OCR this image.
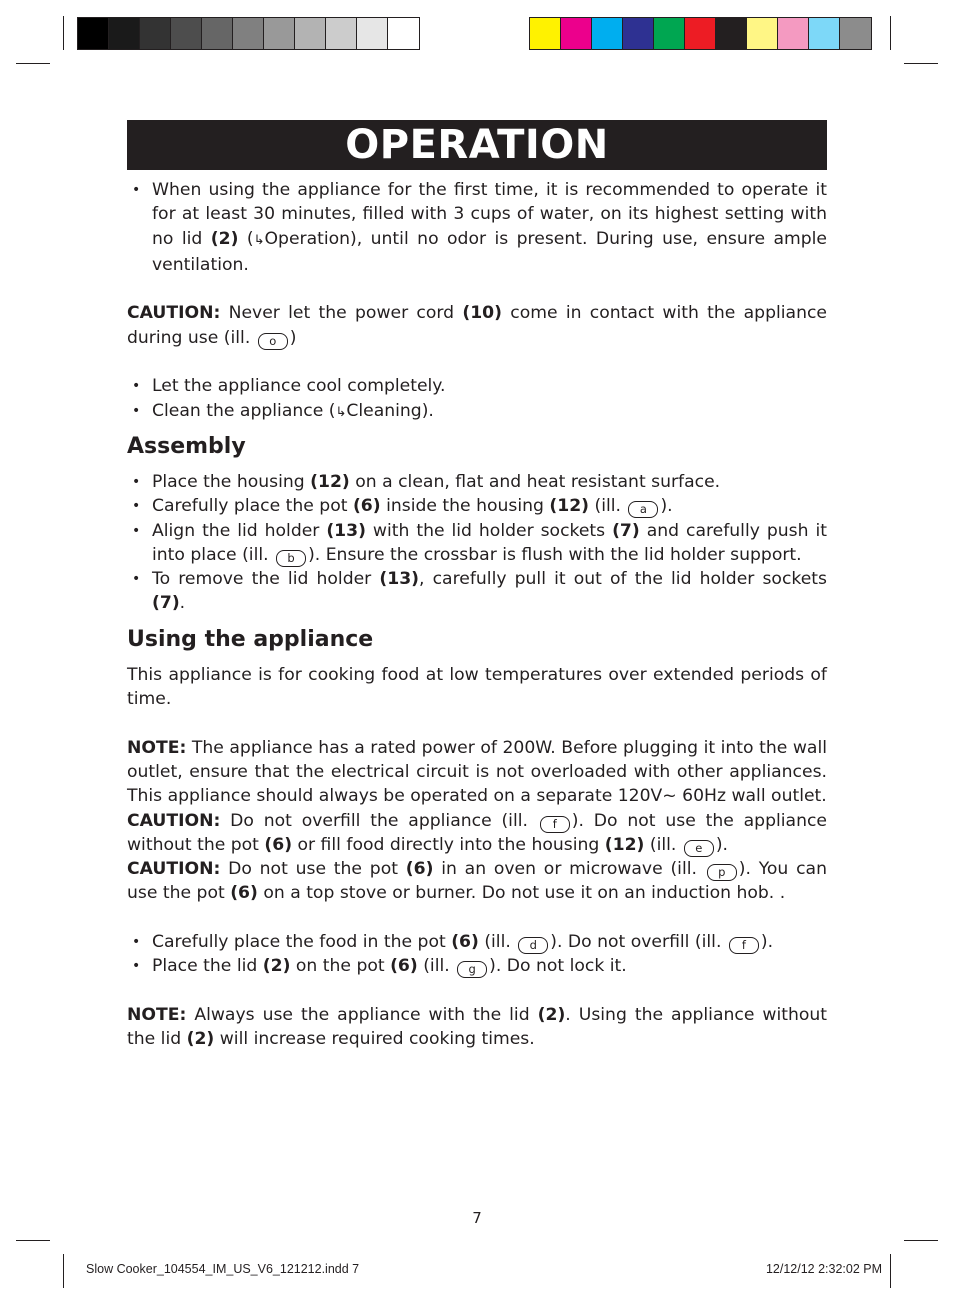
OPERATION
• When using the appliance for the first time, it is recommended to operate it for at least 30 minutes, filled with 3 cups of water, on its highest setting with no lid (2) (↳Operation), until no odor is present. During use, ensure ample ventilation.

CAUTION: Never let the power cord (10) come in contact with the appliance during use (ill. o )

• Let the appliance cool completely.
• Clean the appliance (↳Cleaning).
Assembly
• Place the housing (12) on a clean, flat and heat resistant surface.
• Carefully place the pot (6) inside the housing (12) (ill. a ).
• Align the lid holder (13) with the lid holder sockets (7) and carefully push it into place (ill. b ). Ensure the crossbar is flush with the lid holder support.
• To remove the lid holder (13), carefully pull it out of the lid holder sockets (7).
Using the appliance

This appliance is for cooking food at low temperatures over extended periods of time.

NOTE: The appliance has a rated power of 200W. Before plugging it into the wall outlet, ensure that the electrical circuit is not overloaded with other appliances. This appliance should always be operated on a separate 120V~ 60Hz wall outlet.

CAUTION: Do not overfill the appliance (ill. f ). Do not use the appliance without the pot (6) or fill food directly into the housing (12) (ill. e ).

CAUTION: Do not use the pot (6) in an oven or microwave (ill. p ). You can use the pot (6) on a top stove or burner. Do not use it on an induction hob. .

• Carefully place the food in the pot (6) (ill. d ). Do not overfill (ill. f ).
• Place the lid (2) on the pot (6) (ill. g ). Do not lock it.

NOTE: Always use the appliance with the lid (2). Using the appliance without the lid (2) will increase required cooking times.

7
Slow Cooker_104554_IM_US_V6_121212.indd 7	12/12/12 2:32:02 PM
